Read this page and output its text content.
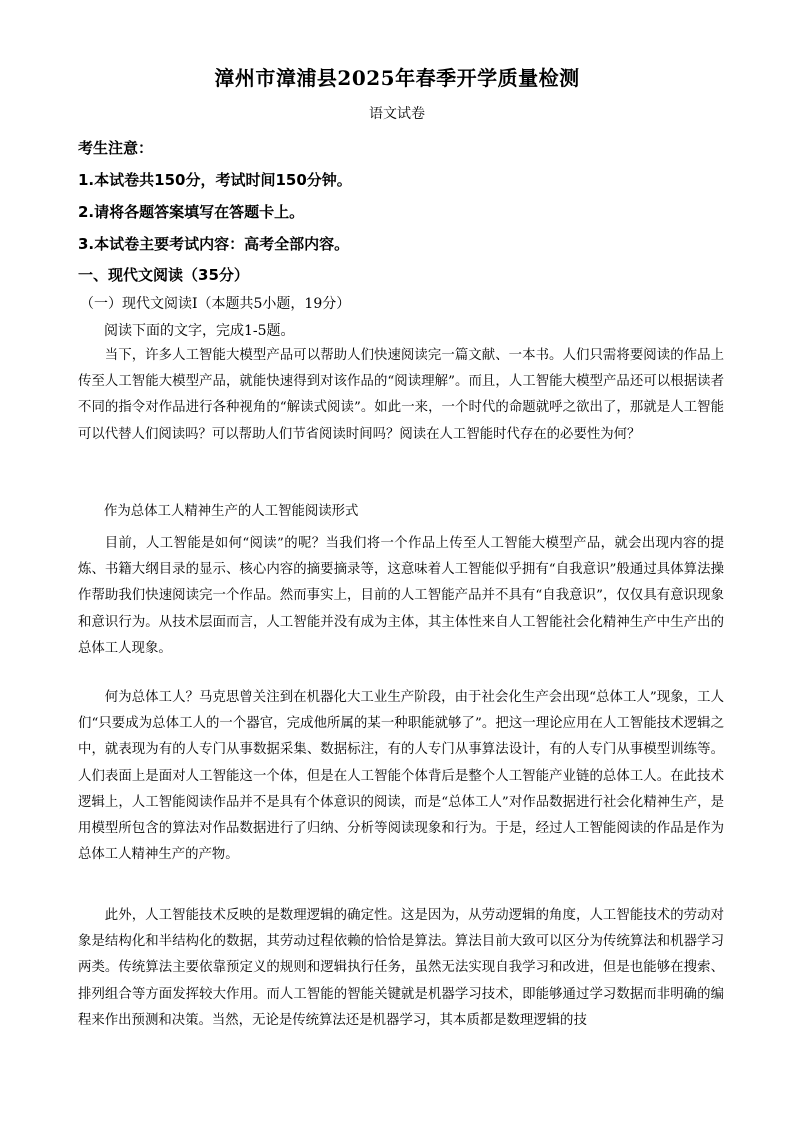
漳州市漳浦县2025年春季开学质量检测
语文试卷
考生注意：
1.本试卷共150分，考试时间150分钟。
2.请将各题答案填写在答题卡上。
3.本试卷主要考试内容：高考全部内容。
一、现代文阅读（35分）
（一）现代文阅读Ⅰ（本题共5小题，19分）
阅读下面的文字，完成1-5题。

当下，许多人工智能大模型产品可以帮助人们快速阅读完一篇文献、一本书。人们只需将要阅读的作品上传至人工智能大模型产品，就能快速得到对该作品的“阅读理解”。而且，人工智能大模型产品还可以根据读者不同的指令对作品进行各种视角的“解读式阅读”。如此一来，一个时代的命题就呼之欲出了，那就是人工智能可以代替人们阅读吗？可以帮助人们节省阅读时间吗？阅读在人工智能时代存在的必要性为何？

作为总体工人精神生产的人工智能阅读形式

目前，人工智能是如何“阅读”的呢？当我们将一个作品上传至人工智能大模型产品，就会出现内容的提炼、书籍大纲目录的显示、核心内容的摘要摘录等，这意味着人工智能似乎拥有“自我意识”般通过具体算法操作帮助我们快速阅读完一个作品。然而事实上，目前的人工智能产品并不具有“自我意识”，仅仅具有意识现象和意识行为。从技术层面而言，人工智能并没有成为主体，其主体性来自人工智能社会化精神生产中生产出的总体工人现象。

何为总体工人？马克思曾关注到在机器化大工业生产阶段，由于社会化生产会出现“总体工人”现象，工人们“只要成为总体工人的一个器官，完成他所属的某一种职能就够了”。把这一理论应用在人工智能技术逻辑之中，就表现为有的人专门从事数据采集、数据标注，有的人专门从事算法设计，有的人专门从事模型训练等。人们表面上是面对人工智能这一个体，但是在人工智能个体背后是整个人工智能产业链的总体工人。在此技术逻辑上，人工智能阅读作品并不是具有个体意识的阅读，而是“总体工人”对作品数据进行社会化精神生产，是用模型所包含的算法对作品数据进行了归纳、分析等阅读现象和行为。于是，经过人工智能阅读的作品是作为总体工人精神生产的产物。

此外，人工智能技术反映的是数理逻辑的确定性。这是因为，从劳动逻辑的角度，人工智能技术的劳动对象是结构化和半结构化的数据，其劳动过程依赖的恰恰是算法。算法目前大致可以区分为传统算法和机器学习两类。传统算法主要依靠预定义的规则和逻辑执行任务，虽然无法实现自我学习和改进，但是也能够在搜索、排列组合等方面发挥较大作用。而人工智能的智能关键就是机器学习技术，即能够通过学习数据而非明确的编程来作出预测和决策。当然，无论是传统算法还是机器学习，其本质都是数理逻辑的技
